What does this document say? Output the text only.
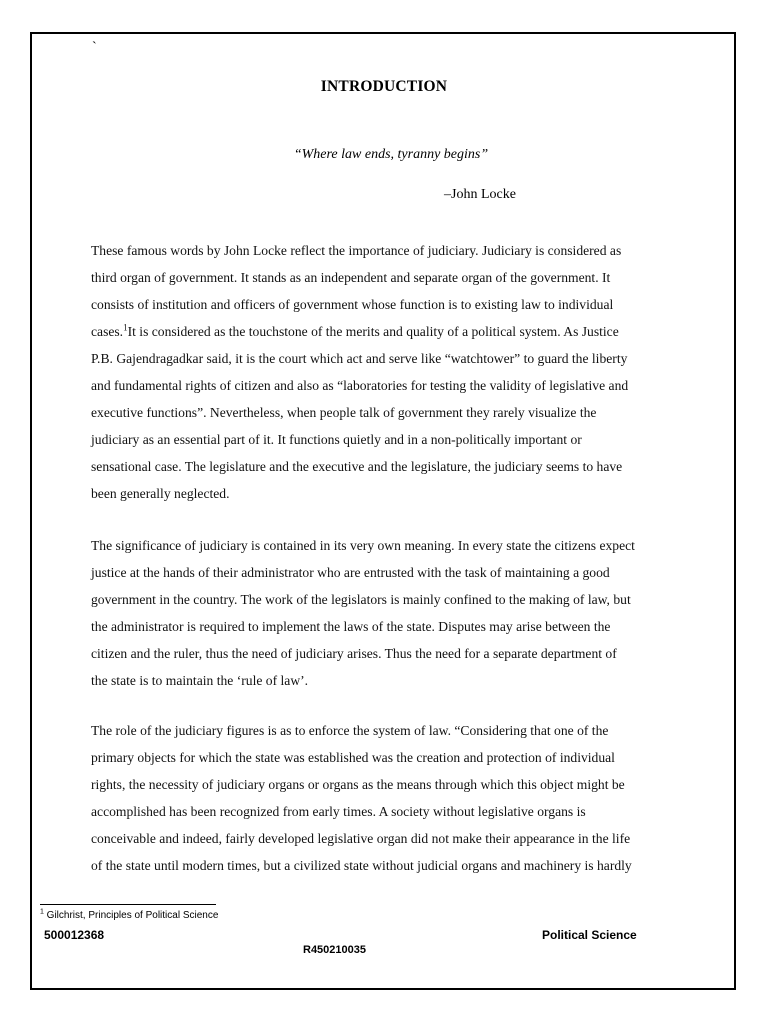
`
INTRODUCTION
“Where law ends, tyranny begins”
–John Locke
These famous words by John Locke reflect the importance of judiciary. Judiciary is considered as
third organ of government. It stands as an independent and separate organ of the government. It
consists of institution and officers of government whose function is to existing law to individual
cases.$^1$It is considered as the touchstone of the merits and quality of a political system. As Justice
P.B. Gajendragadkar said, it is the court which act and serve like “watchtower” to guard the liberty
and fundamental rights of citizen and also as “laboratories for testing the validity of legislative and
executive functions”. Nevertheless, when people talk of government they rarely visualize the
judiciary as an essential part of it. It functions quietly and in a non-politically important or
sensational case. The legislature and the executive and the legislature, the judiciary seems to have
been generally neglected.
The significance of judiciary is contained in its very own meaning. In every state the citizens expect
justice at the hands of their administrator who are entrusted with the task of maintaining a good
government in the country. The work of the legislators is mainly confined to the making of law, but
the administrator is required to implement the laws of the state. Disputes may arise between the
citizen and the ruler, thus the need of judiciary arises. Thus the need for a separate department of
the state is to maintain the ‘rule of law’.
The role of the judiciary figures is as to enforce the system of law. “Considering that one of the
primary objects for which the state was established was the creation and protection of individual
rights, the necessity of judiciary organs or organs as the means through which this object might be
accomplished has been recognized from early times. A society without legislative organs is
conceivable and indeed, fairly developed legislative organ did not make their appearance in the life
of the state until modern times, but a civilized state without judicial organs and machinery is hardly
$^1$ Gilchrist, Principles of Political Science
500012368	Political Science
R450210035
